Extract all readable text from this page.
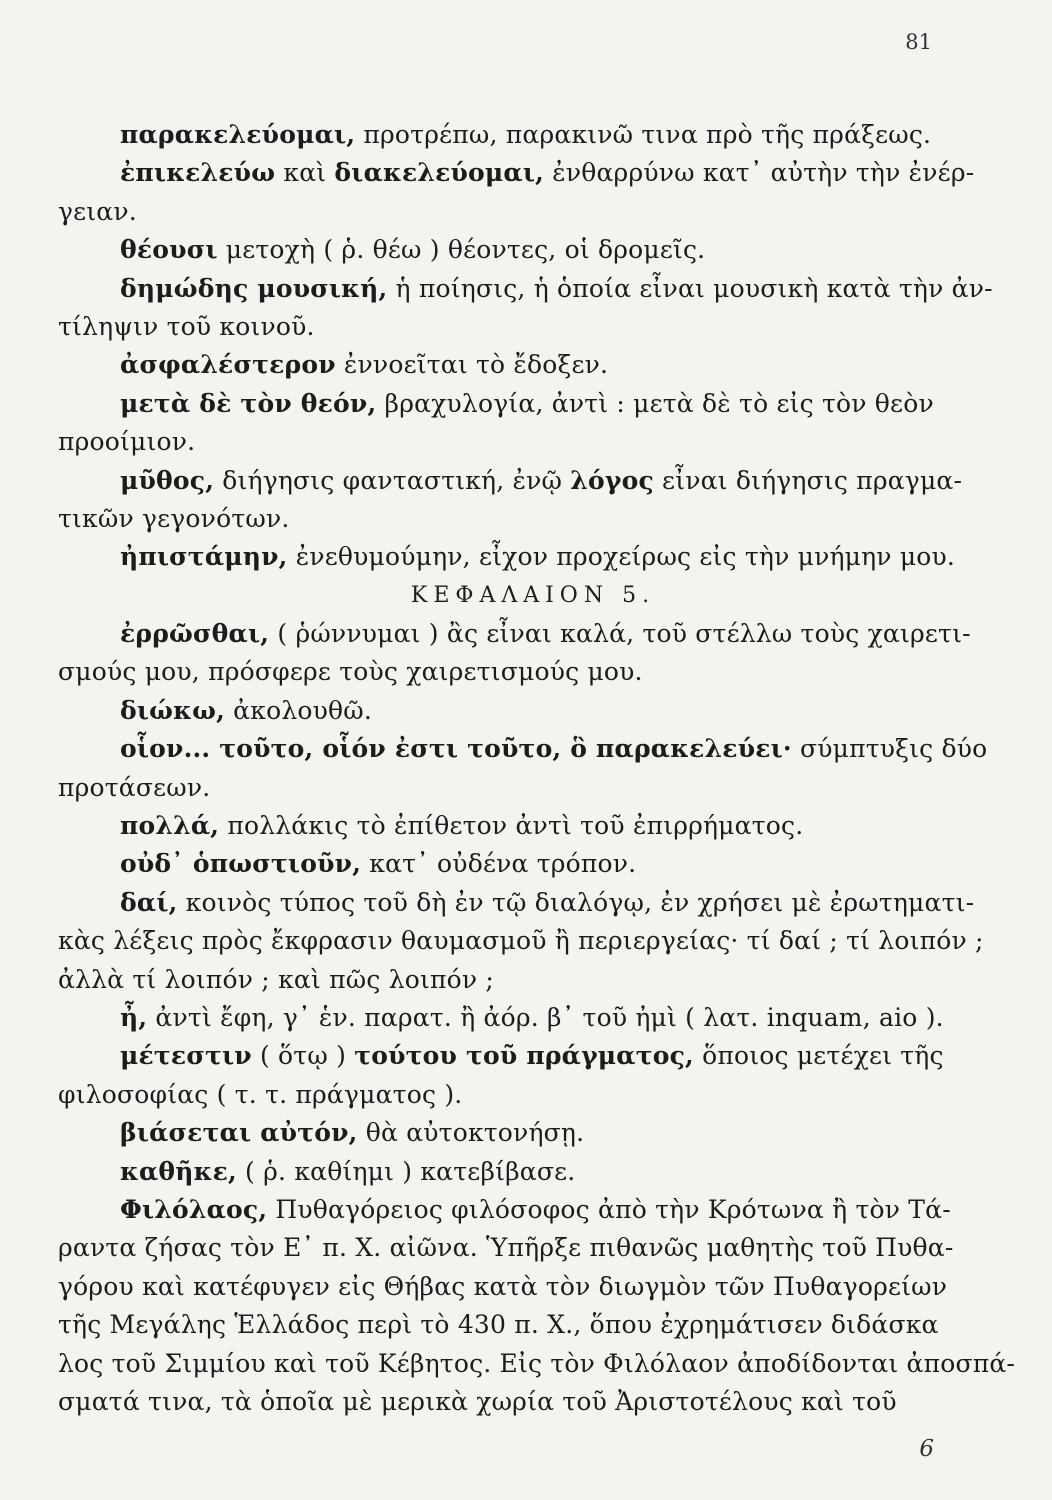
81
παρακελεύομαι, προτρέπω, παρακινῶ τινα πρὸ τῆς πράξεως.
ἐπικελεύω καὶ διακελεύομαι, ἐνθαρρύνω κατ᾽ αὐτὴν τὴν ἐνέρ-
γειαν.
θέουσι μετοχὴ ( ῥ. θέω ) θέοντες, οἱ δρομεῖς.
δημώδης μουσική, ἡ ποίησις, ἡ ὁποία εἶναι μουσικὴ κατὰ τὴν ἀν-
τίληψιν τοῦ κοινοῦ.
ἀσφαλέστερον ἐννοεῖται τὸ ἔδοξεν.
μετὰ δὲ τὸν θεόν, βραχυλογία, ἀντὶ : μετὰ δὲ τὸ εἰς τὸν θεὸν
προοίμιον.
μῦθος, διήγησις φανταστική, ἐνῷ λόγος εἶναι διήγησις πραγμα-
τικῶν γεγονότων.
ἠπιστάμην, ἐνεθυμούμην, εἶχον προχείρως εἰς τὴν μνήμην μου.
ΚΕΦΑΛΑΙΟΝ 5.
ἐρρῶσθαι, ( ῥώννυμαι ) ἂς εἶναι καλά, τοῦ στέλλω τοὺς χαιρετι-
σμούς μου, πρόσφερε τοὺς χαιρετισμούς μου.
διώκω, ἀκολουθῶ.
οἷον... τοῦτο, οἷόν ἐστι τοῦτο, ὃ παρακελεύει· σύμπτυξις δύο
προτάσεων.
πολλά, πολλάκις τὸ ἐπίθετον ἀντὶ τοῦ ἐπιρρήματος.
οὐδ᾽ ὁπωστιοῦν, κατ᾽ οὐδένα τρόπον.
δαί, κοινὸς τύπος τοῦ δὴ ἐν τῷ διαλόγῳ, ἐν χρήσει μὲ ἐρωτηματι-
κὰς λέξεις πρὸς ἔκφρασιν θαυμασμοῦ ἢ περιεργείας· τί δαί ; τί λοιπόν ;
ἀλλὰ τί λοιπόν ; καὶ πῶς λοιπόν ;
ἦ, ἀντὶ ἔφη, γ᾽ ἑν. παρατ. ἢ ἀόρ. β᾽ τοῦ ἠμὶ ( λατ. inquam, aio ).
μέτεστιν ( ὅτῳ ) τούτου τοῦ πράγματος, ὅποιος μετέχει τῆς
φιλοσοφίας ( τ. τ. πράγματος ).
βιάσεται αὐτόν, θὰ αὐτοκτονήσῃ.
καθῆκε, ( ῥ. καθίημι ) κατεβίβασε.
Φιλόλαος, Πυθαγόρειος φιλόσοφος ἀπὸ τὴν Κρότωνα ἢ τὸν Τά-
ραντα ζήσας τὸν Ε᾽ π. Χ. αἰῶνα. Ὑπῆρξε πιθανῶς μαθητὴς τοῦ Πυθα-
γόρου καὶ κατέφυγεν εἰς Θήβας κατὰ τὸν διωγμὸν τῶν Πυθαγορείων
τῆς Μεγάλης Ἑλλάδος περὶ τὸ 430 π. Χ., ὅπου ἐχρημάτισεν διδάσκα
λος τοῦ Σιμμίου καὶ τοῦ Κέβητος. Εἰς τὸν Φιλόλαον ἀποδίδονται ἀποσπά-
σματά τινα, τὰ ὁποῖα μὲ μερικὰ χωρία τοῦ Ἀριστοτέλους καὶ τοῦ
6
